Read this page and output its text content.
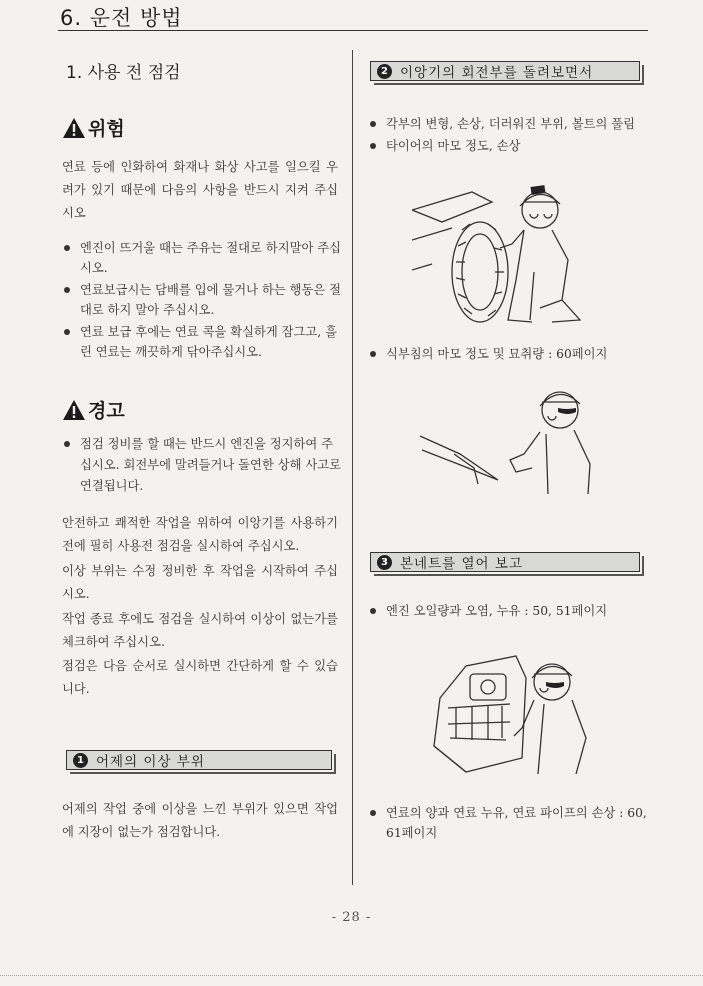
6. 운전 방법
1. 사용 전 점검
위험

연료 등에 인화하여 화재나 화상 사고를 일으킬 우려가 있기 때문에 다음의 사항을 반드시 지켜 주십시오

엔진이 뜨거울 때는 주유는 절대로 하지말아 주십시오.
연료보급시는 담배를 입에 물거나 하는 행동은 절대로 하지 말아 주십시오.
연료 보급 후에는 연료 콕을 확실하게 잠그고, 흘린 연료는 깨끗하게 닦아주십시오.
경고
점검 정비를 할 때는 반드시 엔진을 정지하여 주십시오. 회전부에 말려들거나 돌연한 상해 사고로 연결됩니다.

안전하고 쾌적한 작업을 위하여 이앙기를 사용하기 전에 필히 사용전 점검을 실시하여 주십시오.

이상 부위는 수정 정비한 후 작업을 시작하여 주십시오.

작업 종료 후에도 점검을 실시하여 이상이 없는가를 체크하여 주십시오.

점검은 다음 순서로 실시하면 간단하게 할 수 있습니다.

1 어제의 이상 부위

어제의 작업 중에 이상을 느낀 부위가 있으면 작업에 지장이 없는가 점검합니다.

2 이앙기의 회전부를 돌려보면서
각부의 변형, 손상, 더러워진 부위, 볼트의 풀림
타이어의 마모 정도, 손상
식부침의 마모 정도 및 묘취량 : 60페이지
3 본네트를 열어 보고
엔진 오일량과 오염, 누유 : 50, 51페이지
연료의 양과 연료 누유, 연료 파이프의 손상 : 60, 61페이지
- 28 -
